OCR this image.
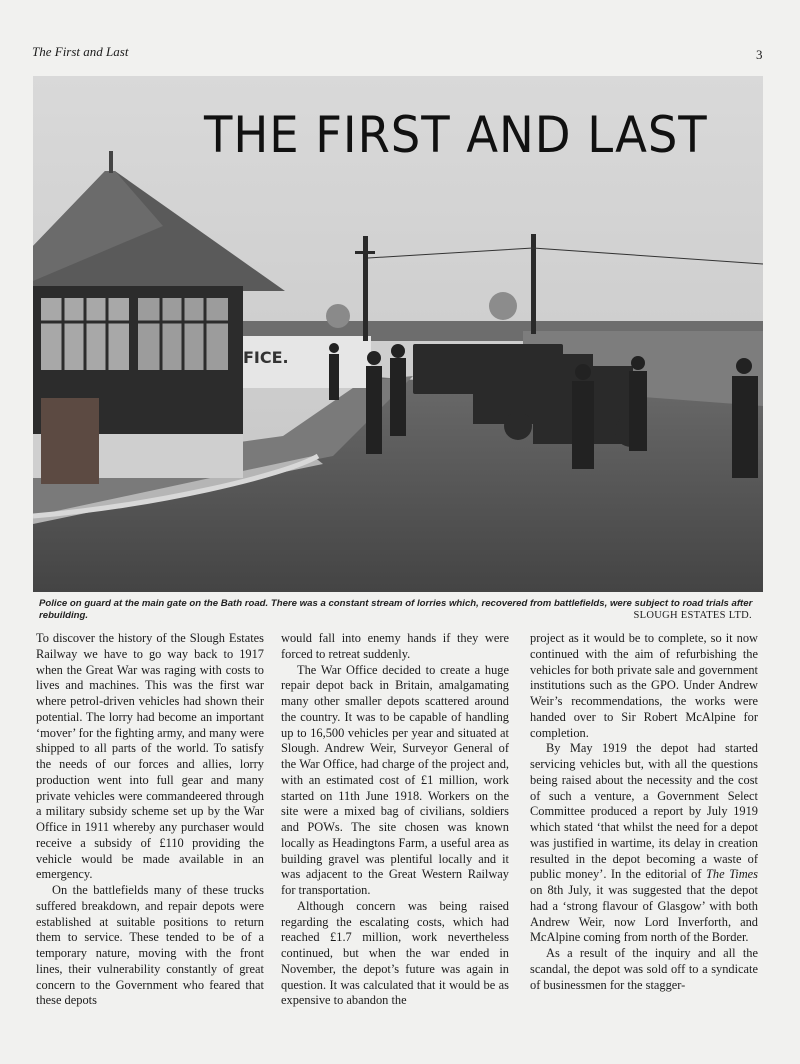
The First and Last	3
FICE.
THE FIRST AND LAST
Police on guard at the main gate on the Bath road. There was a constant stream of lorries which, recovered from battlefields, were subject to road trials after rebuilding.	SLOUGH ESTATES LTD.

To discover the history of the Slough Estates Railway we have to go way back to 1917 when the Great War was raging with costs to lives and machines. This was the first war where petrol-driven vehicles had shown their potential. The lorry had become an important ‘mover’ for the fighting army, and many were shipped to all parts of the world. To satisfy the needs of our forces and allies, lorry production went into full gear and many private vehicles were commandeered through a military subsidy scheme set up by the War Office in 1911 whereby any purchaser would receive a subsidy of £110 providing the vehicle would be made available in an emergency.

On the battlefields many of these trucks suffered breakdown, and repair depots were established at suitable positions to return them to service. These tended to be of a temporary nature, moving with the front lines, their vulnerability constantly of great concern to the Government who feared that these depots

would fall into enemy hands if they were forced to retreat suddenly.

The War Office decided to create a huge repair depot back in Britain, amalgamating many other smaller depots scattered around the country. It was to be capable of handling up to 16,500 vehicles per year and situated at Slough. Andrew Weir, Surveyor General of the War Office, had charge of the project and, with an estimated cost of £1 million, work started on 11th June 1918. Workers on the site were a mixed bag of civilians, soldiers and POWs. The site chosen was known locally as Headingtons Farm, a useful area as building gravel was plentiful locally and it was adjacent to the Great Western Railway for transportation.

Although concern was being raised regarding the escalating costs, which had reached £1.7 million, work nevertheless continued, but when the war ended in November, the depot’s future was again in question. It was calculated that it would be as expensive to abandon the

project as it would be to complete, so it now continued with the aim of refurbishing the vehicles for both private sale and government institutions such as the GPO. Under Andrew Weir’s recommendations, the works were handed over to Sir Robert McAlpine for completion.

By May 1919 the depot had started servicing vehicles but, with all the questions being raised about the necessity and the cost of such a venture, a Government Select Committee produced a report by July 1919 which stated ‘that whilst the need for a depot was justified in wartime, its delay in creation resulted in the depot becoming a waste of public money’. In the editorial of The Times on 8th July, it was suggested that the depot had a ‘strong flavour of Glasgow’ with both Andrew Weir, now Lord Inverforth, and McAlpine coming from north of the Border.

As a result of the inquiry and all the scandal, the depot was sold off to a syndicate of businessmen for the stagger-
